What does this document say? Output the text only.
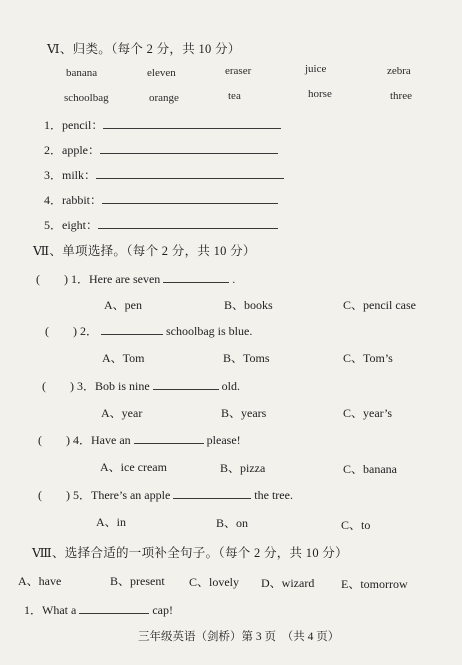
Ⅵ、归类。（每个 2 分，共 10 分）
banana	eleven	eraser	juice	zebra
schoolbag	orange	tea	horse	three
1．pencil：
2．apple：
3．milk：
4．rabbit：
5．eight：
Ⅶ、单项选择。（每个 2 分，共 10 分）
(　　) 1．Here are seven	.
A、pen	B、books	C、pencil case
(　　) 2．	schoolbag is blue.
A、Tom	B、Toms	C、Tom’s
(　　) 3．Bob is nine	old.
A、year	B、years	C、year’s
(　　) 4．Have an	please!
A、ice cream	B、pizza	C、banana
(　　) 5．There’s an apple	the tree.
A、in	B、on	C、to
Ⅷ、选择合适的一项补全句子。（每个 2 分，共 10 分）
A、have	B、present C、lovely D、wizard E、tomorrow
1．What a	cap!
三年级英语（剑桥）第 3 页　（共 4 页）
